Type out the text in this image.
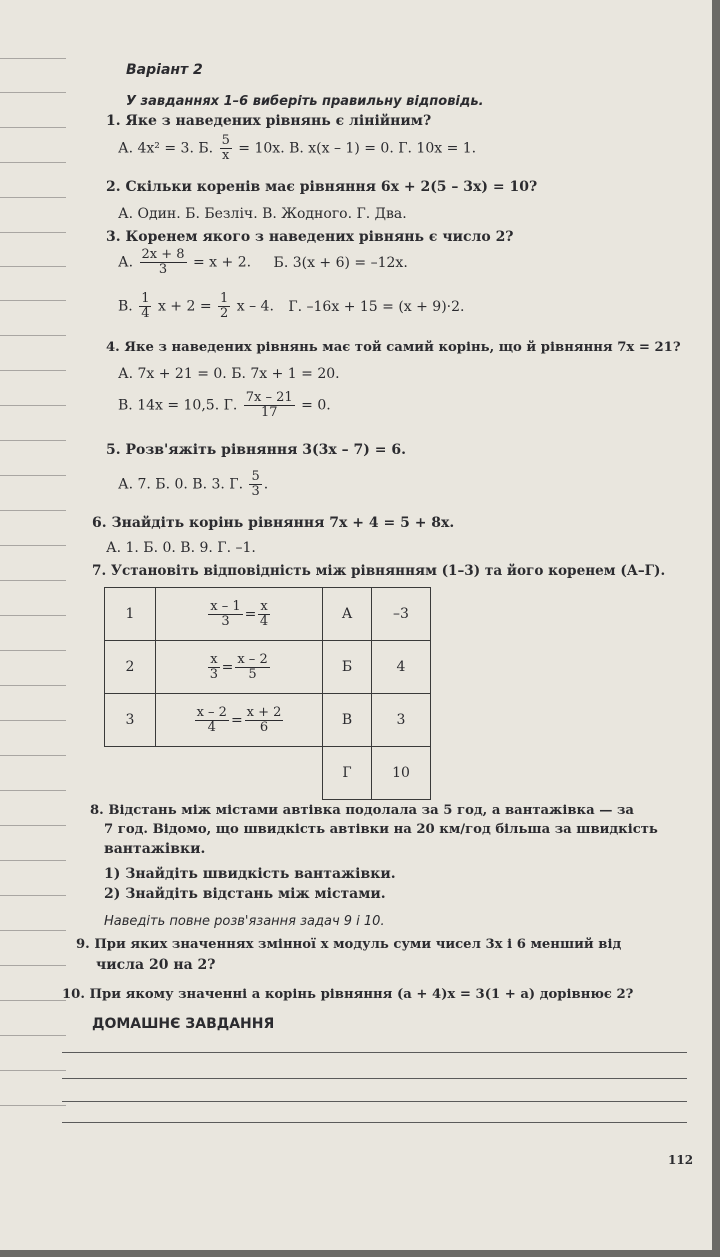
Варіант 2
У завданнях 1–6 виберіть правильну відповідь.
1. Яке з наведених рівнянь є лінійним?
А. 4x² = 3. Б. $\frac{5}{x} = 10x$. В. x(x – 1) = 0. Г. 10x = 1.
2. Скільки коренів має рівняння 6x + 2(5 – 3x) = 10?
А. Один. Б. Безліч. В. Жодного. Г. Два.
3. Коренем якого з наведених рівнянь є число 2?
А. $\frac{2x + 8}{3} = x + 2$. Б. 3(x + 6) = –12x.
В. $\frac{1}{4}$ $x + 2 = \frac{1}{2}$ x – 4. Г. –16x + 15 = (x + 9)·2.
4. Яке з наведених рівнянь має той самий корінь, що й рівняння 7x = 21?
А. 7x + 21 = 0. Б. 7x + 1 = 20.
В. 14x = 10,5. Г. $\frac{7x - 21}{17} = 0$.
5. Розв'яжіть рівняння 3(3x – 7) = 6.
А. 7. Б. 0. В. 3. Г. $\frac{5}{3}$ .
6. Знайдіть корінь рівняння 7x + 4 = 5 + 8x.
А. 1. Б. 0. В. 9. Г. –1.
7. Установіть відповідність між рівнянням (1–3) та його коренем (А–Г).
1	$\frac{x - 1}{3} = \frac{x}{4}$	А	–3
2	$\frac{x}{3} = \frac{x - 2}{5}$	Б	4
3	$\frac{x - 2}{4} = \frac{x + 2}{6}$	В	3
		Г	10
8. Відстань між містами автівка подолала за 5 год, а вантажівка — за
7 год. Відомо, що швидкість автівки на 20 км/год більша за швидкість
вантажівки.
1) Знайдіть швидкість вантажівки.
2) Знайдіть відстань між містами.
Наведіть повне розв'язання задач 9 і 10.
9. При яких значеннях змінної x модуль суми чисел 3x і 6 менший від
числа 20 на 2?
10. При якому значенні a корінь рівняння (a + 4)x = 3(1 + a) дорівнює 2?
ДОМАШНЄ ЗАВДАННЯ
112
